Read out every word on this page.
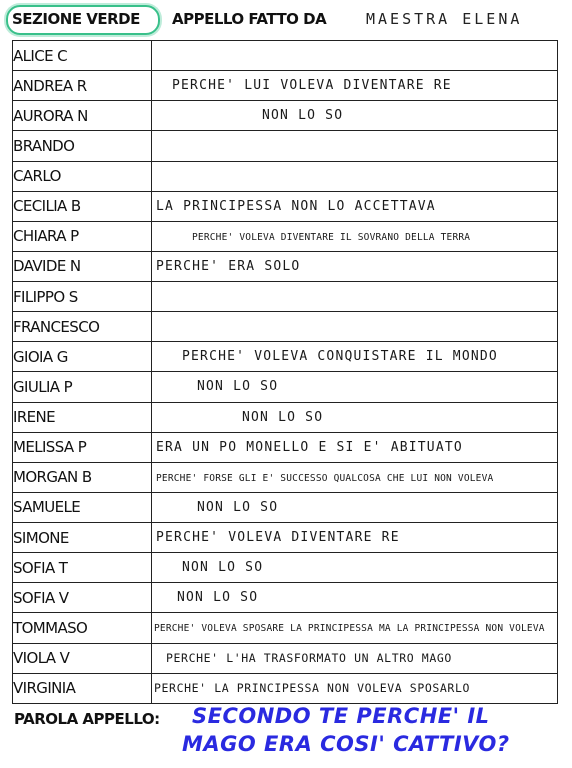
SEZIONE VERDE APPELLO FATTO DA	MAESTRA ELENA
ALICE C	
ANDREA R	PERCHE' LUI VOLEVA DIVENTARE RE
AURORA N	NON LO SO
BRANDO	
CARLO	
CECILIA B	LA PRINCIPESSA NON LO ACCETTAVA
CHIARA P	PERCHE' VOLEVA DIVENTARE IL SOVRANO DELLA TERRA
DAVIDE N	PERCHE' ERA SOLO
FILIPPO S	
FRANCESCO	
GIOIA G	PERCHE' VOLEVA CONQUISTARE IL MONDO
GIULIA P	NON LO SO
IRENE	NON LO SO
MELISSA P	ERA UN PO MONELLO E SI E' ABITUATO
MORGAN B	PERCHE' FORSE GLI E' SUCCESSO QUALCOSA CHE LUI NON VOLEVA
SAMUELE	NON LO SO
SIMONE	PERCHE' VOLEVA DIVENTARE RE
SOFIA T	NON LO SO
SOFIA V	NON LO SO
TOMMASO	PERCHE' VOLEVA SPOSARE LA PRINCIPESSA MA LA PRINCIPESSA NON VOLEVA
VIOLA V	PERCHE' L'HA TRASFORMATO UN ALTRO MAGO
VIRGINIA	PERCHE' LA PRINCIPESSA NON VOLEVA SPOSARLO
PAROLA APPELLO: SECONDO TE PERCHE' IL
MAGO ERA COSI' CATTIVO?
